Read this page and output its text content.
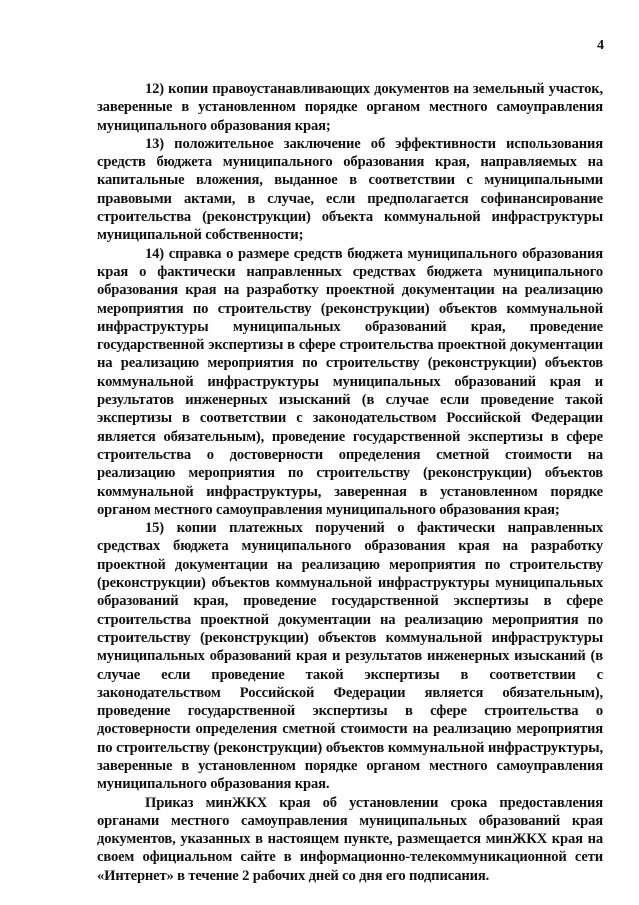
4

12) копии правоустанавливающих документов на земельный участок, заверенные в установленном порядке органом местного самоуправления муниципального образования края;

13) положительное заключение об эффективности использования средств бюджета муниципального образования края, направляемых на капитальные вложения, выданное в соответствии с муниципальными правовыми актами, в случае, если предполагается софинансирование строительства (реконструкции) объекта коммунальной инфраструктуры муниципальной собственности;

14) справка о размере средств бюджета муниципального образования края о фактически направленных средствах бюджета муниципального образования края на разработку проектной документации на реализацию мероприятия по строительству (реконструкции) объектов коммунальной инфраструктуры муниципальных образований края, проведение государственной экспертизы в сфере строительства проектной документации на реализацию мероприятия по строительству (реконструкции) объектов коммунальной инфраструктуры муниципальных образований края и результатов инженерных изысканий (в случае если проведение такой экспертизы в соответствии с законодательством Российской Федерации является обязательным), проведение государственной экспертизы в сфере строительства о достоверности определения сметной стоимости на реализацию мероприятия по строительству (реконструкции) объектов коммунальной инфраструктуры, заверенная в установленном порядке органом местного самоуправления муниципального образования края;

15) копии платежных поручений о фактически направленных средствах бюджета муниципального образования края на разработку проектной документации на реализацию мероприятия по строительству (реконструкции) объектов коммунальной инфраструктуры муниципальных образований края, проведение государственной экспертизы в сфере строительства проектной документации на реализацию мероприятия по строительству (реконструкции) объектов коммунальной инфраструктуры муниципальных образований края и результатов инженерных изысканий (в случае если проведение такой экспертизы в соответствии с законодательством Российской Федерации является обязательным), проведение государственной экспертизы в сфере строительства о достоверности определения сметной стоимости на реализацию мероприятия по строительству (реконструкции) объектов коммунальной инфраструктуры, заверенные в установленном порядке органом местного самоуправления муниципального образования края.

Приказ минЖКХ края об установлении срока предоставления органами местного самоуправления муниципальных образований края документов, указанных в настоящем пункте, размещается минЖКХ края на своем официальном сайте в информационно-телекоммуникационной сети «Интернет» в течение 2 рабочих дней со дня его подписания.
